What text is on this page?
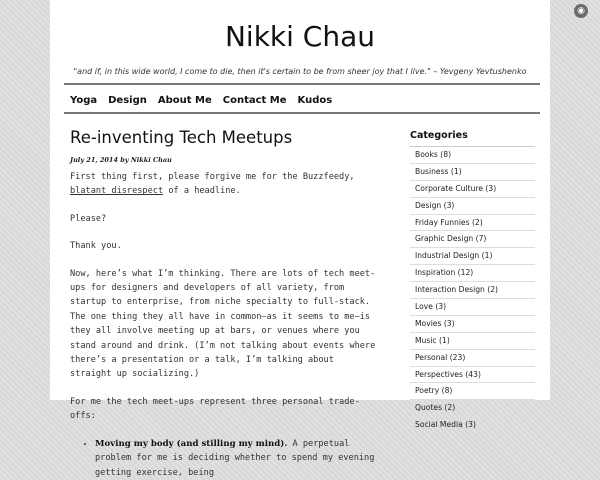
◉
Nikki Chau
"and if, in this wide world, I come to die, then it's certain to be from sheer joy that I live." – Yevgeny Yevtushenko
Yoga Design About Me Contact Me Kudos
Re-inventing Tech Meetups
July 21, 2014 by Nikki Chau

First thing first, please forgive me for the Buzzfeedy, blatant disrespect of a headline.

Please?

Thank you.

Now, here’s what I’m thinking. There are lots of tech meet-ups for designers and developers of all variety, from startup to enterprise, from niche specialty to full-stack. The one thing they all have in common–as it seems to me–is they all involve meeting up at bars, or venues where you stand around and drink. (I’m not talking about events where there’s a presentation or a talk, I’m talking about straight up socializing.)

For me the tech meet-ups represent three personal trade-offs:

• Moving my body (and stilling my mind). A perpetual problem for me is deciding whether to spend my evening getting exercise, being
Categories
Books (8)
Business (1)
Corporate Culture (3)
Design (3)
Friday Funnies (2)
Graphic Design (7)
Industrial Design (1)
Inspiration (12)
Interaction Design (2)
Love (3)
Movies (3)
Music (1)
Personal (23)
Perspectives (43)
Poetry (8)
Quotes (2)
Social Media (3)
